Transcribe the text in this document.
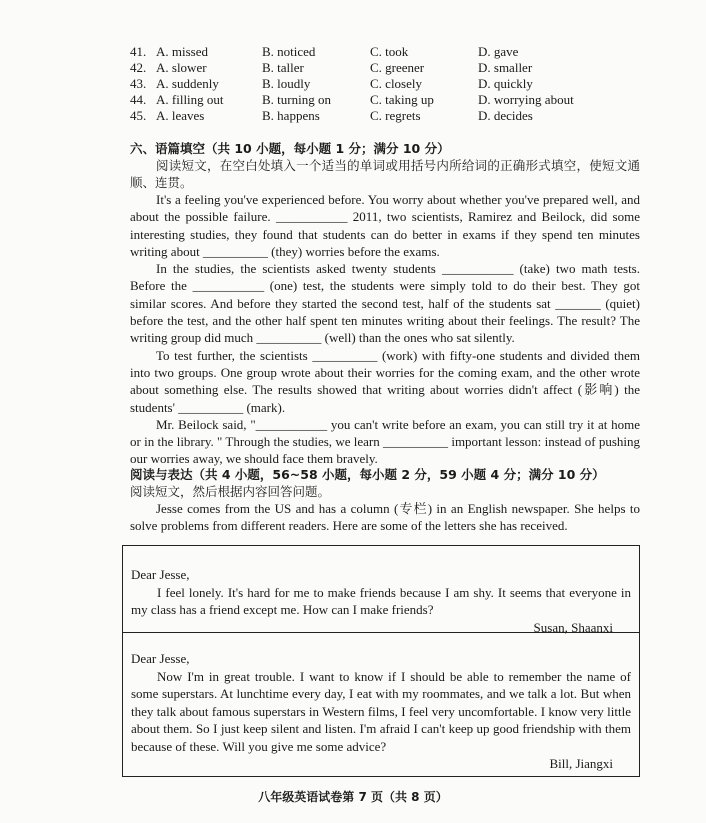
41. A. missed	B. noticed	C. took	D. gave
42. A. slower	B. taller	C. greener	D. smaller
43. A. suddenly	B. loudly	C. closely	D. quickly
44. A. filling out	B. turning on	C. taking up	D. worrying about
45. A. leaves	B. happens	C. regrets	D. decides
六、语篇填空（共 10 小题，每小题 1 分；满分 10 分）

阅读短文，在空白处填入一个适当的单词或用括号内所给词的正确形式填空，使短文通顺、连贯。

It's a feeling you've experienced before. You worry about whether you've prepared well, and about the possible failure. ___________ 2011, two scientists, Ramirez and Beilock, did some interesting studies, they found that students can do better in exams if they spend ten minutes writing about __________ (they) worries before the exams.

In the studies, the scientists asked twenty students ___________ (take) two math tests. Before the ___________ (one) test, the students were simply told to do their best. They got similar scores. And before they started the second test, half of the students sat _______ (quiet) before the test, and the other half spent ten minutes writing about their feelings. The result? The writing group did much __________ (well) than the ones who sat silently.

To test further, the scientists __________ (work) with fifty-one students and divided them into two groups. One group wrote about their worries for the coming exam, and the other wrote about something else. The results showed that writing about worries didn't affect (影响) the students' __________ (mark).

Mr. Beilock said, "___________ you can't write before an exam, you can still try it at home or in the library. " Through the studies, we learn __________ important lesson: instead of pushing our worries away, we should face them bravely.

阅读与表达（共 4 小题，56~58 小题，每小题 2 分，59 小题 4 分；满分 10 分）

阅读短文，然后根据内容回答问题。

Jesse comes from the US and has a column (专栏) in an English newspaper. She helps to solve problems from different readers. Here are some of the letters she has received.

Dear Jesse,

I feel lonely. It's hard for me to make friends because I am shy. It seems that everyone in my class has a friend except me. How can I make friends?

Susan, Shaanxi

Dear Jesse,

Now I'm in great trouble. I want to know if I should be able to remember the name of some superstars. At lunchtime every day, I eat with my roommates, and we talk a lot. But when they talk about famous superstars in Western films, I feel very uncomfortable. I know very little about them. So I just keep silent and listen. I'm afraid I can't keep up good friendship with them because of these. Will you give me some advice?

Bill, Jiangxi

八年级英语试卷第 7 页（共 8 页）
